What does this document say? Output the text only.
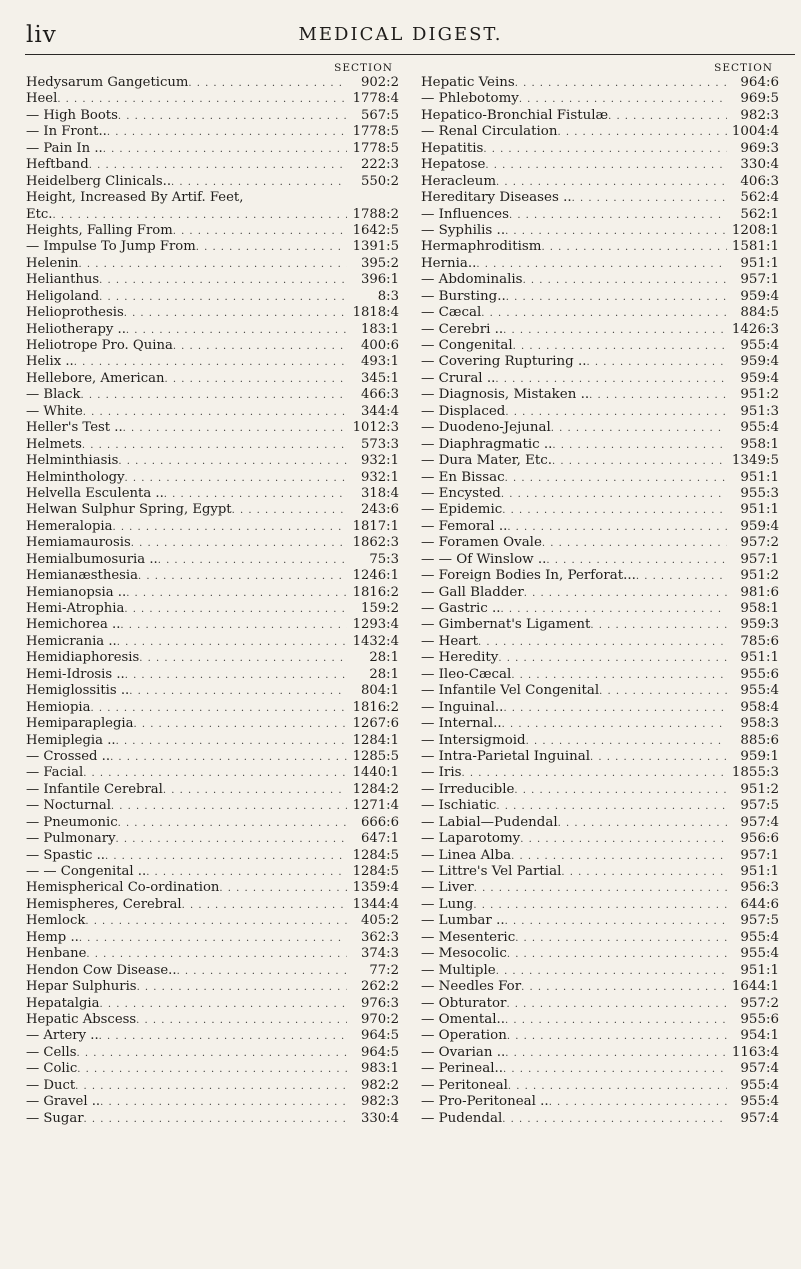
liv	MEDICAL DIGEST.
SECTION
Hedysarum Gangeticum . . .	902:2
Heel . . .	1778:4
— High Boots . . .	567:5
— In Front.. . . .	1778:5
— Pain In .. . . .	1778:5
Heftband . . .	222:3
Heidelberg Clinicals.. . . .	550:2
Height, Increased By Artif. Feet,
Etc. . . .	1788:2
Heights, Falling From . . .	1642:5
— Impulse To Jump From . . .	1391:5
Helenin . . .	395:2
Helianthus . . .	396:1
Heligoland . . .	8:3
Helioprothesis . . .	1818:4
Heliotherapy .. . . .	183:1
Heliotrope Pro. Quina . . .	400:6
Helix .. . . .	493:1
Hellebore, American . . .	345:1
— Black . . .	466:3
— White . . .	344:4
Heller's Test .. . . .	1012:3
Helmets . . .	573:3
Helminthiasis . . .	932:1
Helminthology . . .	932:1
Helvella Esculenta .. . . .	318:4
Helwan Sulphur Spring, Egypt . . .	243:6
Hemeralopia . . .	1817:1
Hemiamaurosis . . .	1862:3
Hemialbumosuria .. . . .	75:3
Hemianæsthesia . . .	1246:1
Hemianopsia .. . . .	1816:2
Hemi-Atrophia . . .	159:2
Hemichorea .. . . .	1293:4
Hemicrania .. . . .	1432:4
Hemidiaphoresis . . .	28:1
Hemi-Idrosis .. . . .	28:1
Hemiglossitis .. . . .	804:1
Hemiopia . . .	1816:2
Hemiparaplegia . . .	1267:6
Hemiplegia .. . . .	1284:1
— Crossed .. . . .	1285:5
— Facial . . .	1440:1
— Infantile Cerebral . . .	1284:2
— Nocturnal . . .	1271:4
— Pneumonic . . .	666:6
— Pulmonary . . .	647:1
— Spastic .. . . .	1284:5
— — Congenital .. . . .	1284:5
Hemispherical Co-ordination . . .	1359:4
Hemispheres, Cerebral . . .	1344:4
Hemlock . . .	405:2
Hemp .. . . .	362:3
Henbane . . .	374:3
Hendon Cow Disease.. . . .	77:2
Hepar Sulphuris . . .	262:2
Hepatalgia . . .	976:3
Hepatic Abscess . . .	970:2
— Artery .. . . .	964:5
— Cells . . .	964:5
— Colic . . .	983:1
— Duct . . .	982:2
— Gravel .. . . .	982:3
— Sugar . . .	330:4
SECTION
Hepatic Veins . . .	964:6
— Phlebotomy . . .	969:5
Hepatico-Bronchial Fistulæ . . .	982:3
— Renal Circulation . . .	1004:4
Hepatitis . . .	969:3
Hepatose . . .	330:4
Heracleum . . .	406:3
Hereditary Diseases .. . . .	562:4
— Influences . . .	562:1
— Syphilis .. . . .	1208:1
Hermaphroditism . . .	1581:1
Hernia.. . . .	951:1
— Abdominalis . . .	957:1
— Bursting.. . . .	959:4
— Cæcal . . .	884:5
— Cerebri .. . . .	1426:3
— Congenital . . .	955:4
— Covering Rupturing .. . . .	959:4
— Crural .. . . .	959:4
— Diagnosis, Mistaken .. . . .	951:2
— Displaced . . .	951:3
— Duodeno-Jejunal . . .	955:4
— Diaphragmatic .. . . .	958:1
— Dura Mater, Etc. . . .	1349:5
— En Bissac . . .	951:1
— Encysted . . .	955:3
— Epidemic . . .	951:1
— Femoral .. . . .	959:4
— Foramen Ovale . . .	957:2
— — Of Winslow .. . . .	957:1
— Foreign Bodies In, Perforat... . . .	951:2
— Gall Bladder . . .	981:6
— Gastric .. . . .	958:1
— Gimbernat's Ligament . . .	959:3
— Heart . . .	785:6
— Heredity . . .	951:1
— Ileo-Cæcal . . .	955:6
— Infantile Vel Congenital . . .	955:4
— Inguinal.. . . .	958:4
— Internal.. . . .	958:3
— Intersigmoid . . .	885:6
— Intra-Parietal Inguinal . . .	959:1
— Iris . . .	1855:3
— Irreducible . . .	951:2
— Ischiatic . . .	957:5
— Labial—Pudendal . . .	957:4
— Laparotomy . . .	956:6
— Linea Alba . . .	957:1
— Littre's Vel Partial . . .	951:1
— Liver . . .	956:3
— Lung . . .	644:6
— Lumbar .. . . .	957:5
— Mesenteric . . .	955:4
— Mesocolic . . .	955:4
— Multiple . . .	951:1
— Needles For . . .	1644:1
— Obturator . . .	957:2
— Omental.. . . .	955:6
— Operation . . .	954:1
— Ovarian .. . . .	1163:4
— Perineal.. . . .	957:4
— Peritoneal . . .	955:4
— Pro-Peritoneal .. . . .	955:4
— Pudendal . . .	957:4
